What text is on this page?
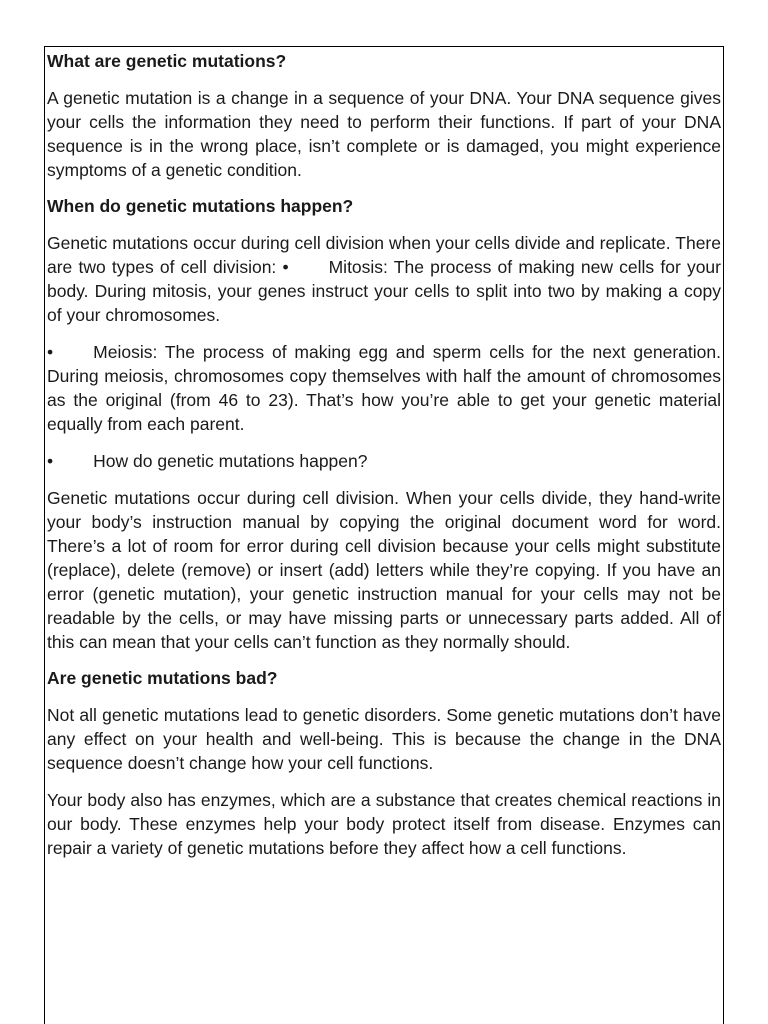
What are genetic mutations?
A genetic mutation is a change in a sequence of your DNA. Your DNA sequence gives your cells the information they need to perform their functions. If part of your DNA sequence is in the wrong place, isn’t complete or is damaged, you might experience symptoms of a genetic condition.
When do genetic mutations happen?
Genetic mutations occur during cell division when your cells divide and replicate. There are two types of cell division: • Mitosis: The process of making new cells for your body. During mitosis, your genes instruct your cells to split into two by making a copy of your chromosomes.
• Meiosis: The process of making egg and sperm cells for the next generation. During meiosis, chromosomes copy themselves with half the amount of chromosomes as the original (from 46 to 23). That’s how you’re able to get your genetic material equally from each parent.
• How do genetic mutations happen?
Genetic mutations occur during cell division. When your cells divide, they hand-write your body’s instruction manual by copying the original document word for word. There’s a lot of room for error during cell division because your cells might substitute (replace), delete (remove) or insert (add) letters while they’re copying. If you have an error (genetic mutation), your genetic instruction manual for your cells may not be readable by the cells, or may have missing parts or unnecessary parts added. All of this can mean that your cells can’t function as they normally should.
Are genetic mutations bad?
Not all genetic mutations lead to genetic disorders. Some genetic mutations don’t have any effect on your health and well-being. This is because the change in the DNA sequence doesn’t change how your cell functions.
Your body also has enzymes, which are a substance that creates chemical reactions in our body. These enzymes help your body protect itself from disease. Enzymes can repair a variety of genetic mutations before they affect how a cell functions.
